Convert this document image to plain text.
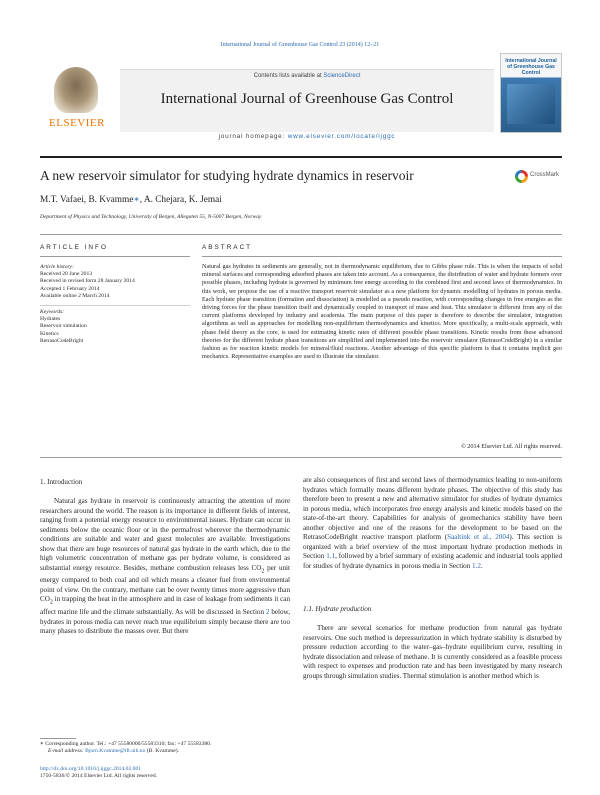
International Journal of Greenhouse Gas Control 23 (2014) 12–21
ELSEVIER
Contents lists available at ScienceDirect
International Journal of Greenhouse Gas Control
journal homepage: www.elsevier.com/locate/ijggc
International Journal of Greenhouse Gas Control
A new reservoir simulator for studying hydrate dynamics in reservoir	CrossMark
M.T. Vafaei, B. Kvamme∗, A. Chejara, K. Jemai
Department of Physics and Technology, University of Bergen, Allegaten 55, N-5007 Bergen, Norway
ARTICLE INFO	ABSTRACT
Article history:
Received 20 June 2013
Received in revised form 28 January 2014
Accepted 1 February 2014
Available online 2 March 2014
Keywords:
Hydrates
Reservoir simulation
Kinetics
RetrasoCodeBright
Natural gas hydrates in sediments are generally, not in thermodynamic equilibrium, due to Gibbs phase rule. This is when the impacts of solid mineral surfaces and corresponding adsorbed phases are taken into account. As a consequence, the distribution of water and hydrate formers over possible phases, including hydrate is governed by minimum free energy according to the combined first and second laws of thermodynamics. In this work, we propose the use of a reactive transport reservoir simulator as a new platform for dynamic modelling of hydrates in porous media. Each hydrate phase transition (formation and dissociation) is modelled as a pseudo reaction, with corresponding changes in free energies as the driving forces for the phase transition itself and dynamically coupled to transport of mass and heat. This simulator is different from any of the current platforms developed by industry and academia. The main purpose of this paper is therefore to describe the simulator, integration algorithms as well as approaches for modelling non-equilibrium thermodynamics and kinetics. More specifically, a multi-scale approach, with phase field theory as the core, is used for estimating kinetic rates of different possible phase transitions. Kinetic results from these advanced theories for the different hydrate phase transitions are simplified and implemented into the reservoir simulator (RetrasoCodeBright) in a similar fashion as for reaction kinetic models for mineral/fluid reactions. Another advantage of this specific platform is that it contains implicit geo mechanics. Representative examples are used to illustrate the simulator.
© 2014 Elsevier Ltd. All rights reserved.
1. Introduction

Natural gas hydrate in reservoir is continuously attracting the attention of more researchers around the world. The reason is its importance in different fields of interest, ranging from a potential energy resource to environmental issues. Hydrate can occur in sediments below the oceanic floor or in the permafrost wherever the thermodynamic conditions are suitable and water and guest molecules are available. Investigations show that there are huge resources of natural gas hydrate in the earth which, due to the high volumetric concentration of methane gas per hydrate volume, is considered as substantial energy resource. Besides, methane combustion releases less $CO_2$ per unit energy compared to both coal and oil which means a cleaner fuel from environmental point of view. On the contrary, methane can be over twenty times more aggressive than $CO_2$ in trapping the heat in the atmosphere and in case of leakage from sediments it can affect marine life and the climate substantially. As will be discussed in Section 2 below, hydrates in porous media can never reach true equilibrium simply because there are too many phases to distribute the masses over. But there

are also consequences of first and second laws of thermodynamics leading to non-uniform hydrates which formally means different hydrate phases. The objective of this study has therefore been to present a new and alternative simulator for studies of hydrate dynamics in porous media, which incorporates free energy analysis and kinetic models based on the state-of-the-art theory. Capabilities for analysis of geomechanics stability have been another objective and one of the reasons for the development to be based on the RetrasoCodeBright reactive transport platform (Saaltink et al., 2004). This section is organized with a brief overview of the most important hydrate production methods in Section 1.1, followed by a brief summary of existing academic and industrial tools applied for studies of hydrate dynamics in porous media in Section 1.2.

1.1. Hydrate production

There are several scenarios for methane production from natural gas hydrate reservoirs. One such method is depressurization in which hydrate stability is disturbed by pressure reduction according to the water–gas–hydrate equilibrium curve, resulting in hydrate dissociation and release of methane. It is currently considered as a feasible process with respect to expenses and production rate and has been investigated by many research groups through simulation studies. Thermal stimulation is another method which is

∗ Corresponding author. Tel.: +47 55580000/55583310; fax: +47 55583380.
E-mail address: Bjorn.Kvamme@ift.uib.no (B. Kvamme).
http://dx.doi.org/10.1016/j.ijggc.2014.02.001
1750-5836/© 2014 Elsevier Ltd. All rights reserved.
